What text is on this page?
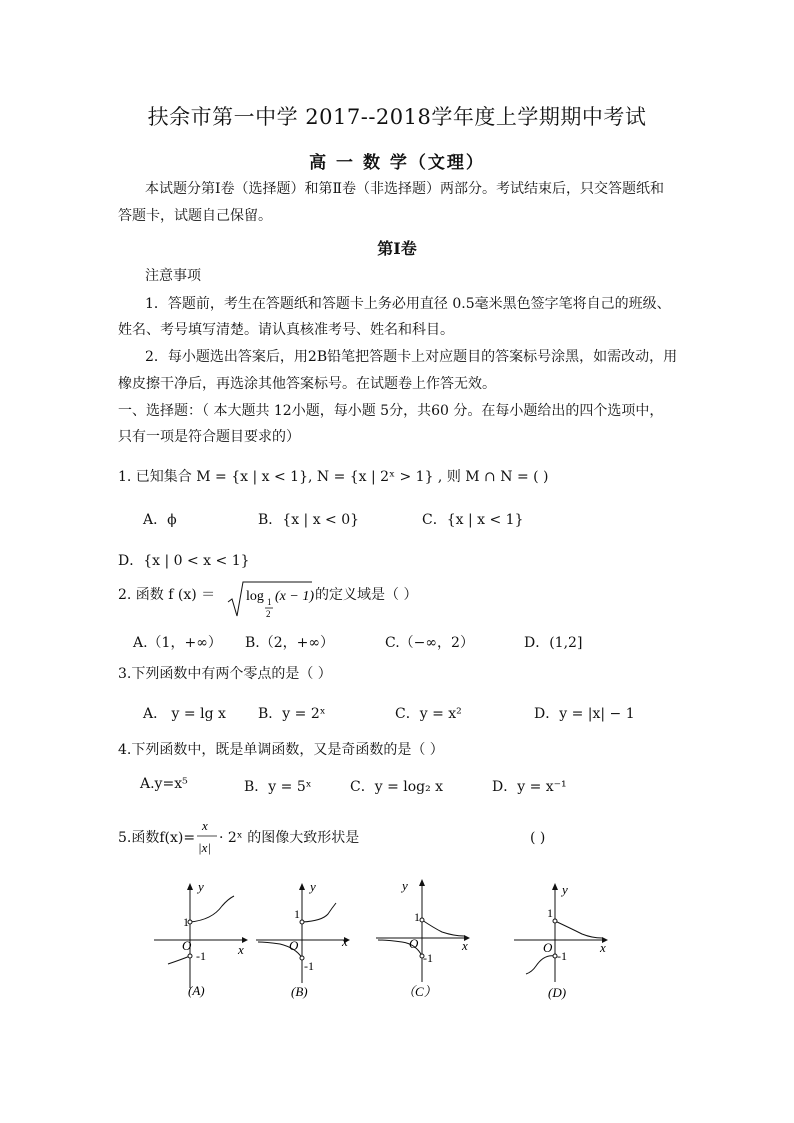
扶余市第一中学 2017--2018学年度上学期期中考试
高 一 数 学（文理）
本试题分第Ⅰ卷（选择题）和第Ⅱ卷（非选择题）两部分。考试结束后，只交答题纸和
答题卡，试题自己保留。
第Ⅰ卷
注意事项
1．答题前，考生在答题纸和答题卡上务必用直径 0.5毫米黑色签字笔将自己的班级、
姓名、考号填写清楚。请认真核准考号、姓名和科目。
2．每小题选出答案后，用2B铅笔把答题卡上对应题目的答案标号涂黑，如需改动，用
橡皮擦干净后，再选涂其他答案标号。在试题卷上作答无效。
一、选择题：（ 本大题共 12小题，每小题 5分，共60 分。在每小题给出的四个选项中，
只有一项是符合题目要求的）
1. 已知集合 M = {x | x < 1}, N = {x | 2ˣ > 1} , 则 M ∩ N = ( )
A．ϕ	B．{x | x < 0}	C．{x | x < 1}
D．{x | 0 < x < 1}
2. 函数 f (x) ＝ log 1
2
(x − 1) 的定义域是（ ）
A.（1，+∞） B.（2，+∞）	C.（−∞，2）	D．(1,2]
3.下列函数中有两个零点的是（ ）
A． y = lg x B．y = 2ˣ	C．y = x²	D．y = |x| − 1
4.下列函数中，既是单调函数，又是奇函数的是（ ）
A.y=x⁵	B．y = 5ˣ	C．y = log₂ x	D．y = x⁻¹
5.函数f(x)=
x
|x|
· 2ˣ 的图像大致形状是	( )
y
x
O
1
-1
(A)
y
x
O
1
-1
(B)
y
x
O
1
-1
（C）
y
x
O
1
-1
(D)
